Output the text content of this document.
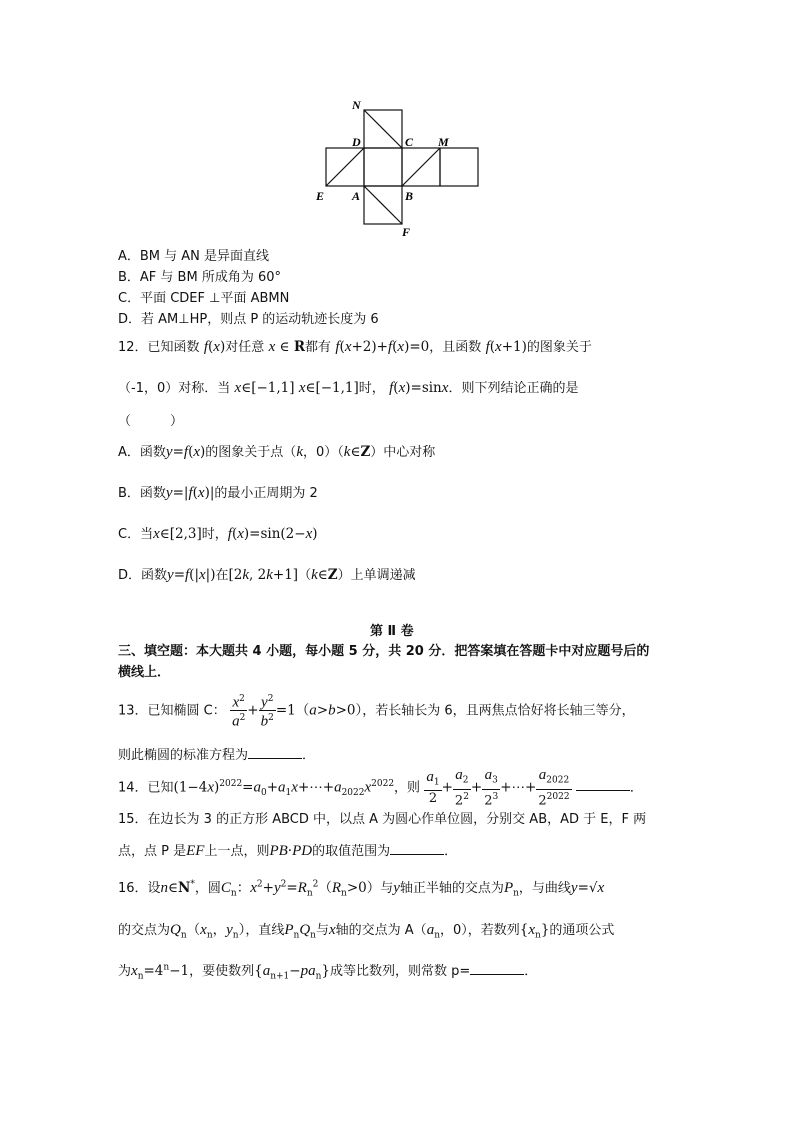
N
D	C M
E A	B
F
A．BM 与 AN 是异面直线
B．AF 与 BM 所成角为 60°
C．平面 CDEF ⊥平面 ABMN
D．若 AM⊥HP，则点 P 的运动轨迹长度为 6
12．已知函数 f(x)对任意 x ∈ R都有 f(x+2)+f(x)=0，且函数 f(x+1)的图象关于
（-1，0）对称．当 x∈[−1,1] x∈[−1,1]时， f(x)=sinx．则下列结论正确的是
（　　　）
A．函数y=f(x)的图象关于点（k，0）（k∈Z）中心对称
B．函数y=|f(x)|的最小正周期为 2
C．当x∈[2,3]时，f(x)=sin(2−x)
D．函数y=f(|x|)在[2k, 2k+1]（k∈Z）上单调递减
第 Ⅱ 卷
三、填空题：本大题共 4 小题，每小题 5 分，共 20 分．把答案填在答题卡中对应题号后的
横线上．
13．已知椭圆 C： $\frac{x^2}{a^2} + \frac{y^2}{b^2} =1(a>b>0)$，若长轴长为 6，且两焦点恰好将长轴三等分，
则此椭圆的标准方程为	．
14．已知$(1-4x)^{2022}=a_0+a_1x+\cdots+a_{2022}x^{2022}$，则 $\frac{a_1}{2} + \frac{a_2}{2^2} + \frac{a_3}{2^3}$ +⋯+ $\frac{a_{2022}}{2^{2022}}$	．
15．在边长为 3 的正方形 ABCD 中，以点 A 为圆心作单位圆，分别交 AB，AD 于 E，F 两
点，点 P 是EF上一点，则PB·PD的取值范围为	．
16．设n∈N*，圆$C_n$：$x^2+y^2=R_n^2(R_n>0)$与y轴正半轴的交点为$P_n$，与曲线y=√x
的交点为$Q_n(x_n$，$y_n$），直线$P_nQ_n$与x轴的交点为 $A(a_n$，0），若数列$\{x_n\}$的通项公式
为$x_n=4^n-1$，要使数列$\{a_{n+1}-pa_n\}$成等比数列，则常数 p=	．
